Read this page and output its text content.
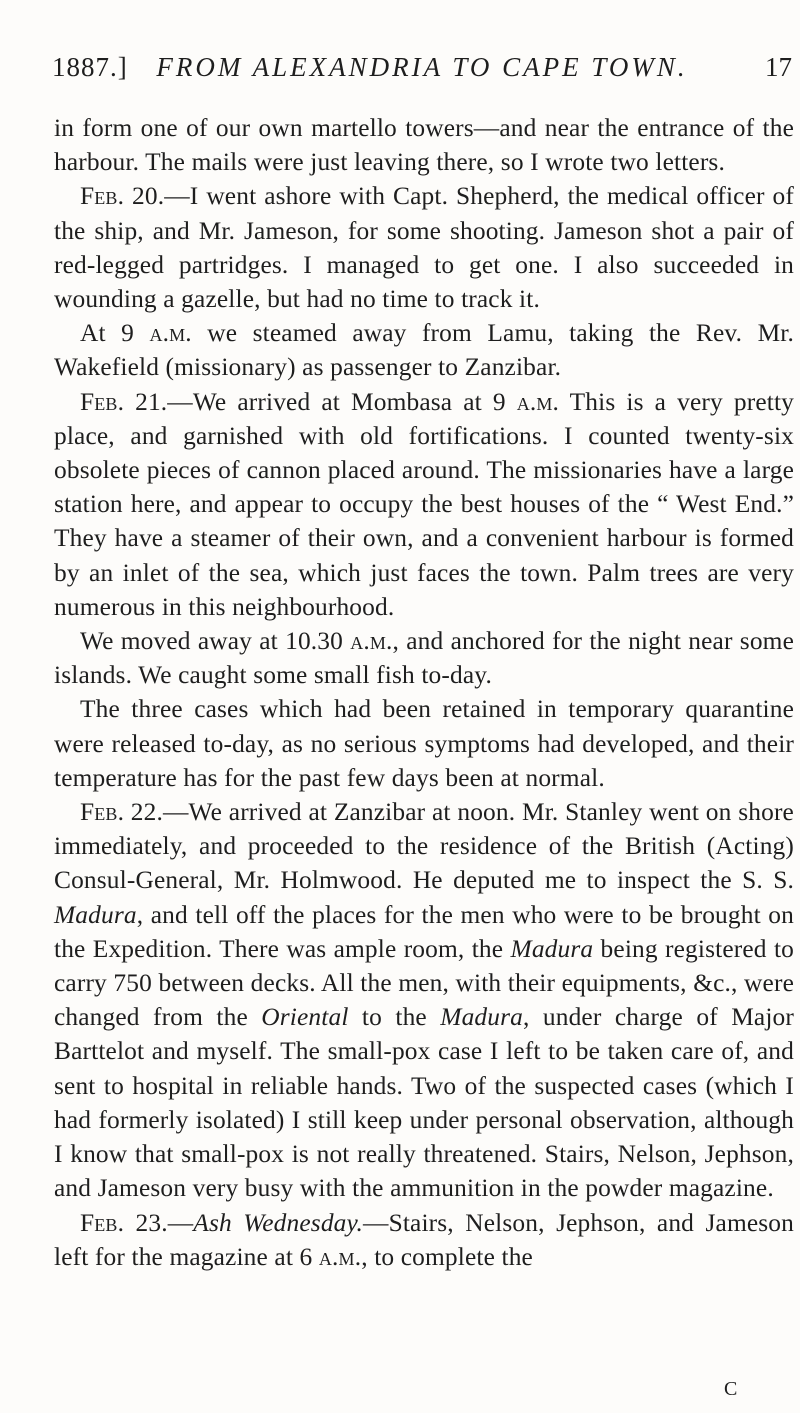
1887.]	FROM ALEXANDRIA TO CAPE TOWN.	17

in form one of our own martello towers—and near the entrance of the harbour. The mails were just leaving there, so I wrote two letters.

Feb. 20.—I went ashore with Capt. Shepherd, the medical officer of the ship, and Mr. Jameson, for some shooting. Jameson shot a pair of red-legged partridges. I managed to get one. I also succeeded in wounding a gazelle, but had no time to track it.

At 9 a.m. we steamed away from Lamu, taking the Rev. Mr. Wakefield (missionary) as passenger to Zanzibar.

Feb. 21.—We arrived at Mombasa at 9 a.m. This is a very pretty place, and garnished with old fortifications. I counted twenty-six obsolete pieces of cannon placed around. The missionaries have a large station here, and appear to occupy the best houses of the “ West End.” They have a steamer of their own, and a convenient harbour is formed by an inlet of the sea, which just faces the town. Palm trees are very numerous in this neighbourhood.

We moved away at 10.30 a.m., and anchored for the night near some islands. We caught some small fish to-day.

The three cases which had been retained in temporary quarantine were released to-day, as no serious symptoms had developed, and their temperature has for the past few days been at normal.

Feb. 22.—We arrived at Zanzibar at noon. Mr. Stanley went on shore immediately, and proceeded to the residence of the British (Acting) Consul-General, Mr. Holmwood. He deputed me to inspect the S. S. Madura, and tell off the places for the men who were to be brought on the Expedition. There was ample room, the Madura being registered to carry 750 between decks. All the men, with their equipments, &c., were changed from the Oriental to the Madura, under charge of Major Barttelot and myself. The small-pox case I left to be taken care of, and sent to hospital in reliable hands. Two of the suspected cases (which I had formerly isolated) I still keep under personal observation, although I know that small-pox is not really threatened. Stairs, Nelson, Jephson, and Jameson very busy with the ammunition in the powder magazine.

Feb. 23.—Ash Wednesday.—Stairs, Nelson, Jephson, and Jameson left for the magazine at 6 a.m., to complete the

C
